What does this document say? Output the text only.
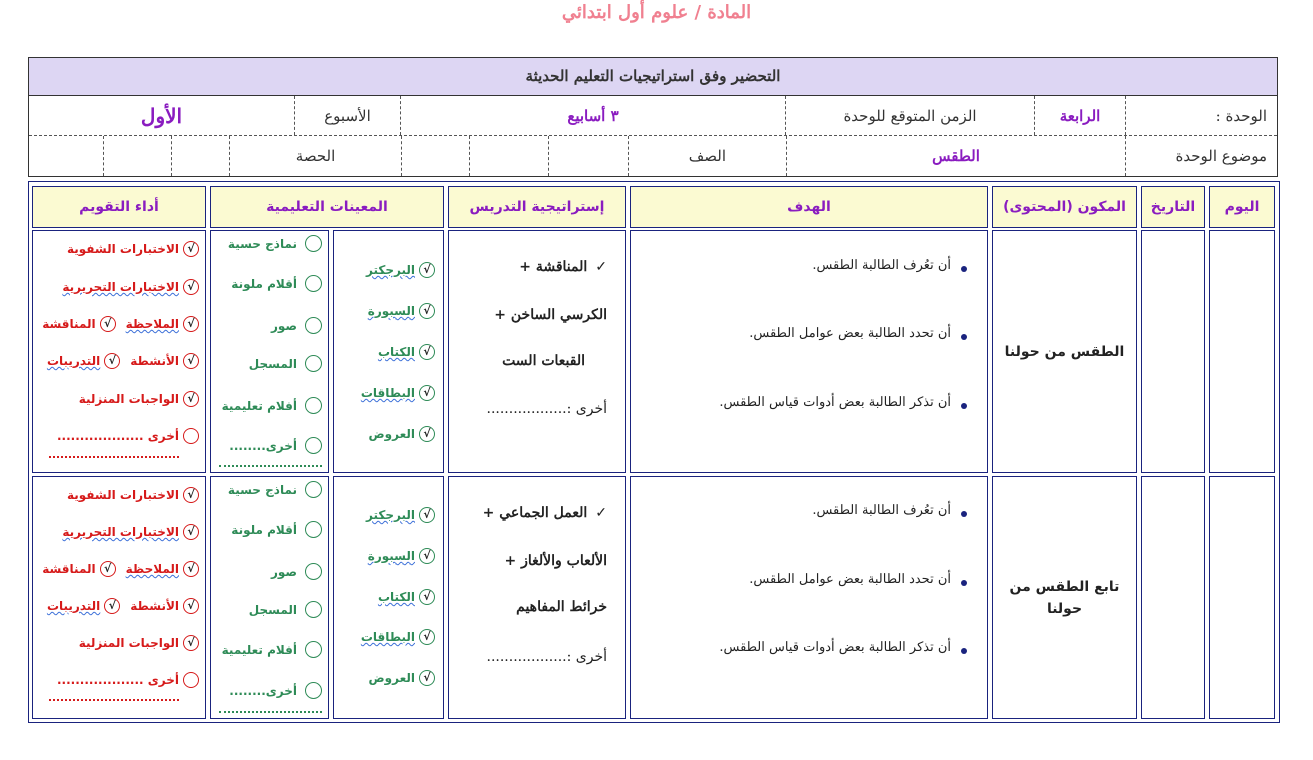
المادة / علوم أول ابتدائي
التحضير وفق استراتيجيات التعليم الحديثة
الوحدة :
الرابعة
الزمن المتوقع للوحدة
٣ أسابيع
الأسبوع
الأول
موضوع الوحدة
الطقس
الصف
الحصة
اليوم
التاريخ
المكون (المحتوى)
الهدف
إستراتيجية التدريس
المعينات التعليمية
أداء التقويم
الطقس من حولنا
أن تعُرف الطالبة الطقس.
أن تحدد الطالبة بعض عوامل الطقس.
أن تذكر الطالبة بعض أدوات قياس الطقس.
✓المناقشة +
الكرسي الساخن +
القبعات الست
أخرى :..................
√
البرجكتر
√
السبورة
√
الكتاب
√
البطاقات
√
العروض
نماذج حسية
أقلام ملونة
صور
المسجل
أفلام تعليمية
أخرى........
√
الاختبارات الشفوية
√
الاختبارات التحريرية
√
الملاحظة
√
المناقشة
√
الأنشطة
√
التدريبات
√
الواجبات المنزلية
أخرى ...................
تابع الطقس من حولنا
أن تعُرف الطالبة الطقس.
أن تحدد الطالبة بعض عوامل الطقس.
أن تذكر الطالبة بعض أدوات قياس الطقس.
✓العمل الجماعي +
الألعاب والألغاز +
خرائط المفاهيم
أخرى :..................
√
البرجكتر
√
السبورة
√
الكتاب
√
البطاقات
√
العروض
نماذج حسية
أقلام ملونة
صور
المسجل
أفلام تعليمية
أخرى........
√
الاختبارات الشفوية
√
الاختبارات التحريرية
√
الملاحظة
√
المناقشة
√
الأنشطة
√
التدريبات
√
الواجبات المنزلية
أخرى ...................
